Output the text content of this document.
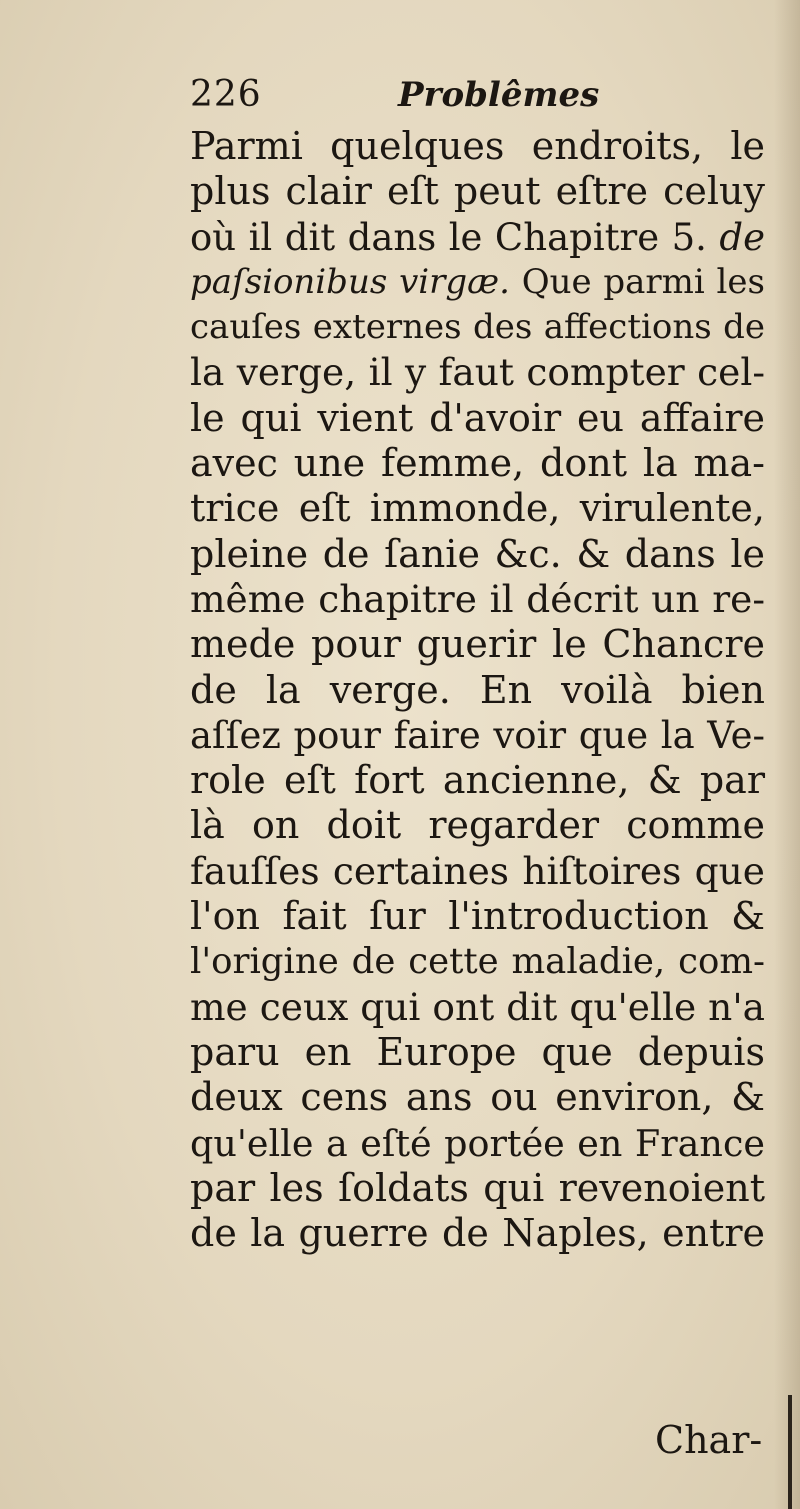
226	Problêmes
Parmi quelques endroits, le
plus clair eſt peut eſtre celuy
où il dit dans le Chapitre 5. de
paſsionibus virgæ. Que parmi les
cauſes externes des affections de
la verge, il y faut compter cel-
le qui vient d'avoir eu affaire
avec une femme, dont la ma-
trice eſt immonde, virulente,
pleine de ſanie &c. & dans le
même chapitre il décrit un re-
mede pour guerir le Chancre
de la verge. En voilà bien
aſſez pour faire voir que la Ve-
role eſt fort ancienne, & par
là on doit regarder comme
fauſſes certaines hiſtoires que
l'on fait ſur l'introduction &
l'origine de cette maladie, com-
me ceux qui ont dit qu'elle n'a
paru en Europe que depuis
deux cens ans ou environ, &
qu'elle a eſté portée en France
par les ſoldats qui revenoient
de la guerre de Naples, entre
Char-
